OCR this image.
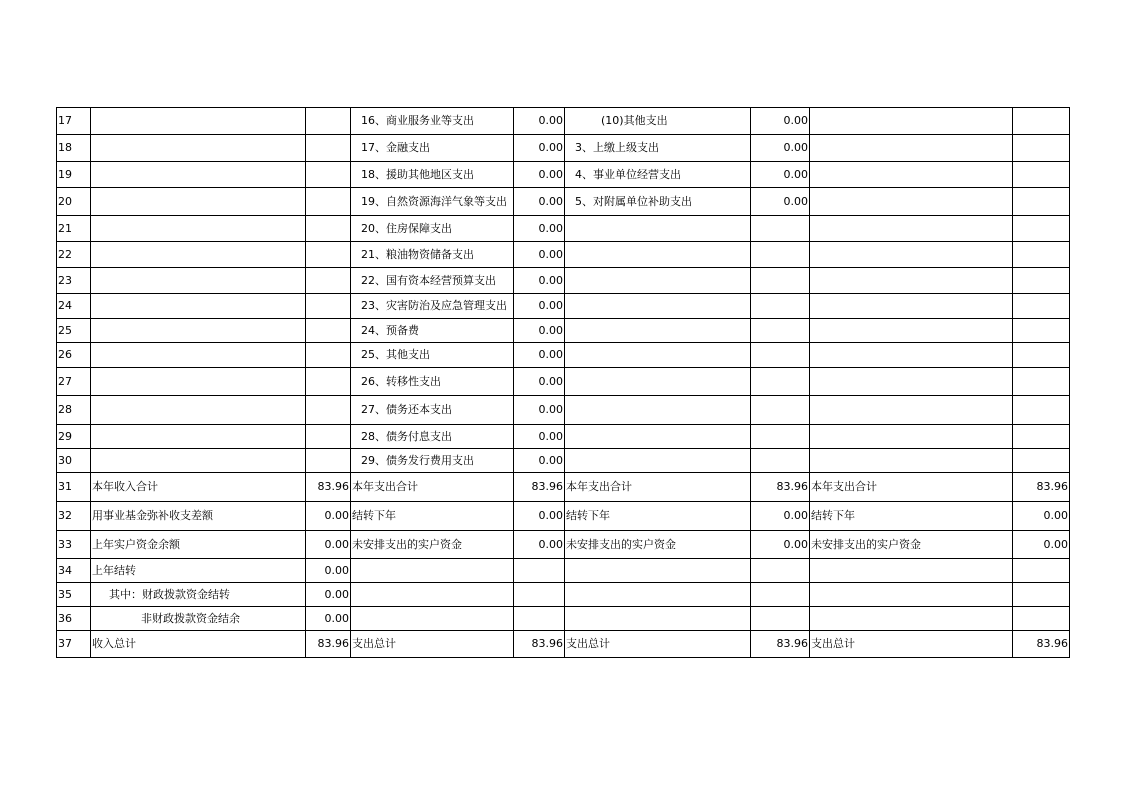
17			16、商业服务业等支出	0.00	(10)其他支出	0.00		
18			17、金融支出	0.00	3、上缴上级支出	0.00		
19			18、援助其他地区支出	0.00	4、事业单位经营支出	0.00		
20			19、自然资源海洋气象等支出	0.00	5、对附属单位补助支出	0.00		
21			20、住房保障支出	0.00				
22			21、粮油物资储备支出	0.00				
23			22、国有资本经营预算支出	0.00				
24			23、灾害防治及应急管理支出	0.00				
25			24、预备费	0.00				
26			25、其他支出	0.00				
27			26、转移性支出	0.00				
28			27、债务还本支出	0.00				
29			28、债务付息支出	0.00				
30			29、债务发行费用支出	0.00				
31	本年收入合计	83.96	本年支出合计	83.96	本年支出合计	83.96	本年支出合计	83.96
32	用事业基金弥补收支差额	0.00	结转下年	0.00	结转下年	0.00	结转下年	0.00
33	上年实户资金余额	0.00	未安排支出的实户资金	0.00	未安排支出的实户资金	0.00	未安排支出的实户资金	0.00
34	上年结转	0.00						
35	其中：财政拨款资金结转	0.00						
36	非财政拨款资金结余	0.00						
37	收入总计	83.96	支出总计	83.96	支出总计	83.96	支出总计	83.96
